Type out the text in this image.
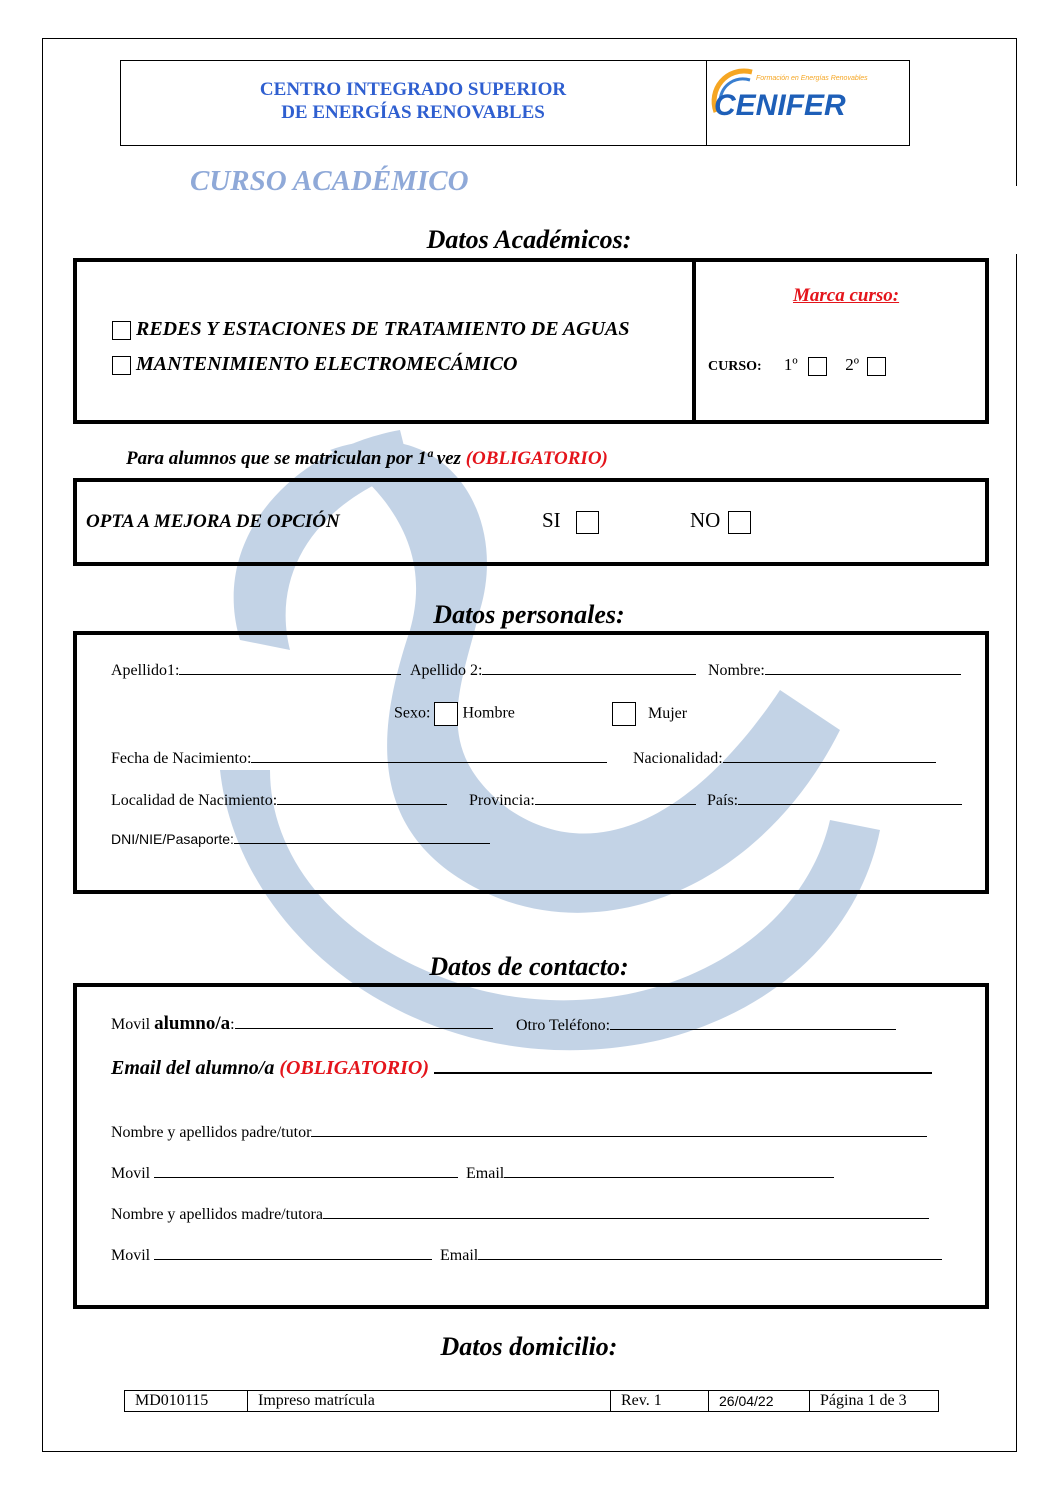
CENTRO INTEGRADO SUPERIOR
DE ENERGÍAS RENOVABLES
Formación en Energías Renovables
CENIFER
CURSO ACADÉMICO
Datos Académicos:
REDES Y ESTACIONES DE TRATAMIENTO DE AGUAS
MANTENIMIENTO ELECTROMECÁMICO
Marca curso:
CURSO: 1º	2º
Para alumnos que se matriculan por 1ª vez (OBLIGATORIO)
OPTA A MEJORA DE OPCIÓN	SI	NO
Datos personales:
Apellido1:	Apellido 2:	Nombre:
Sexo: Hombre	Mujer
Fecha de Nacimiento:	Nacionalidad:
Localidad de Nacimiento:	Provincia:	País:
DNI/NIE/Pasaporte:
Datos de contacto:
Movil alumno/a:	Otro Teléfono:
Email del alumno/a (OBLIGATORIO)
Nombre y apellidos padre/tutor
Movil	Email
Nombre y apellidos madre/tutora
Movil	Email
Datos domicilio:
MD010115	Impreso matrícula	Rev. 1	26/04/22	Página 1 de 3
